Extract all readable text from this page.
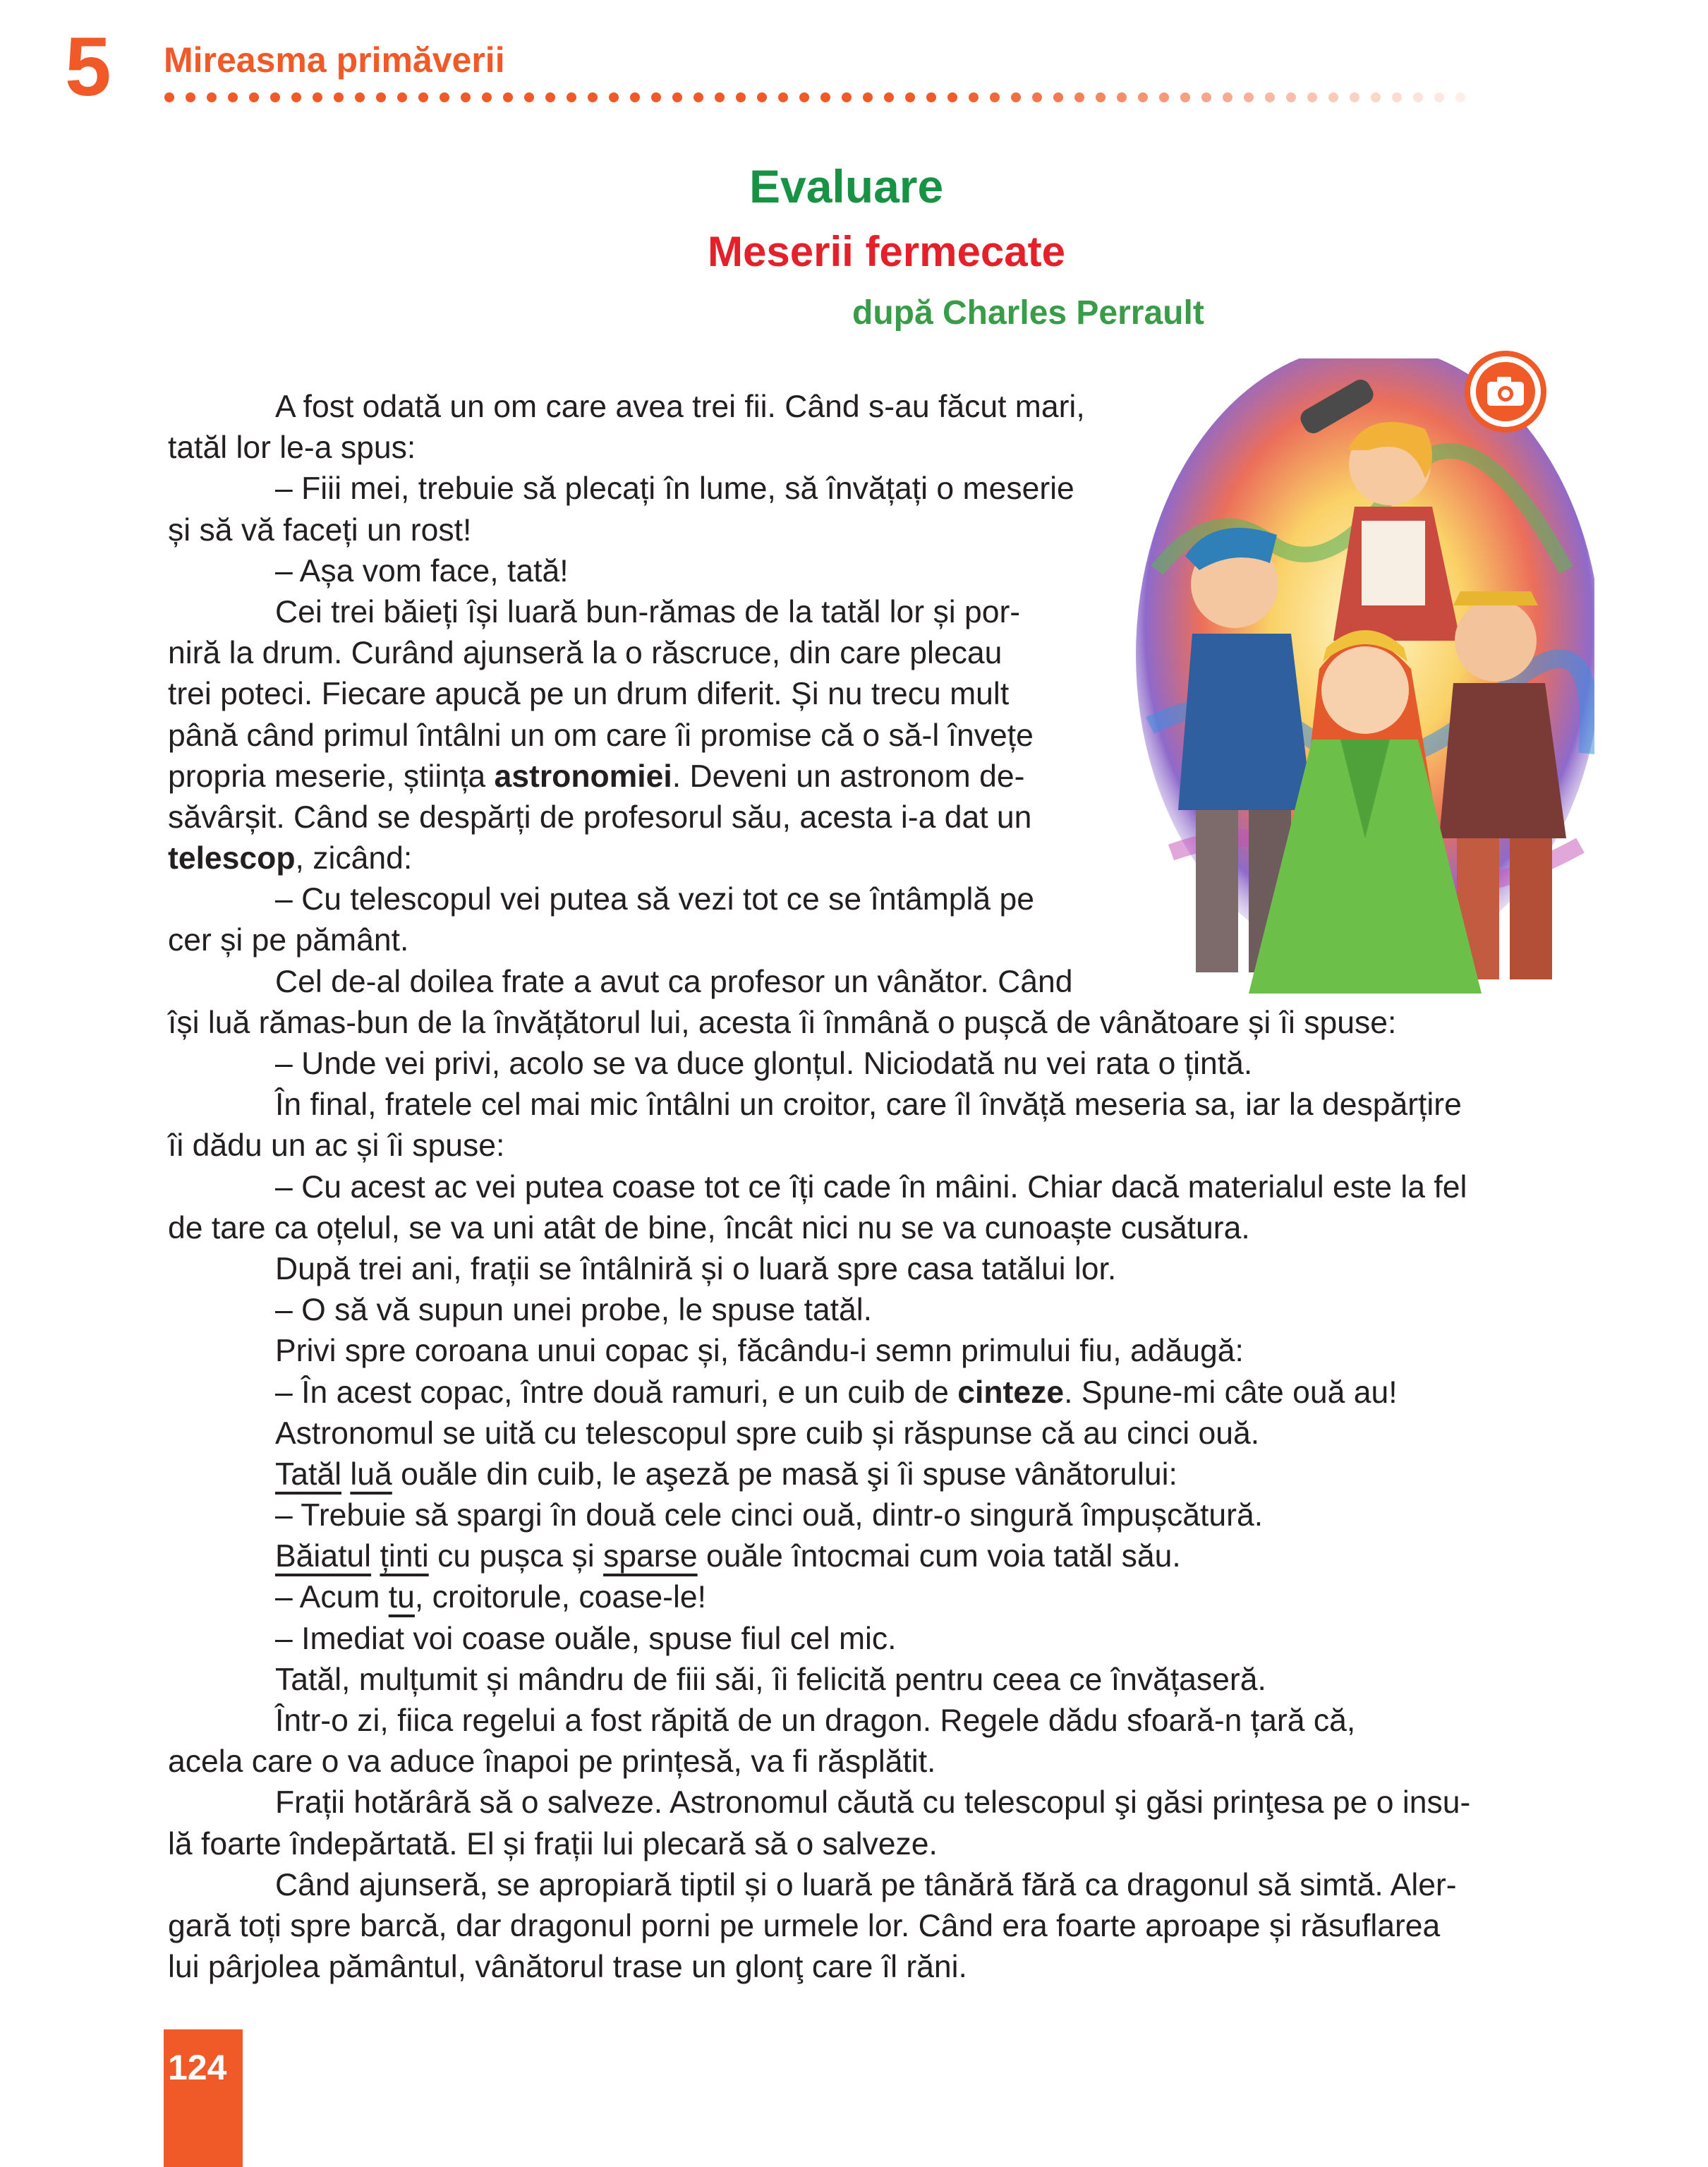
5 Mireasma primăverii
Evaluare
Meserii fermecate
după Charles Perrault
A fost odată un om care avea trei fii. Când s-au făcut mari,
tatăl lor le-a spus:
– Fiii mei, trebuie să plecați în lume, să învățați o meserie
și să vă faceți un rost!
– Așa vom face, tată!
Cei trei băieți își luară bun-rămas de la tatăl lor și por-
niră la drum. Curând ajunseră la o răscruce, din care plecau
trei poteci. Fiecare apucă pe un drum diferit. Și nu trecu mult
până când primul întâlni un om care îi promise că o să-l învețe
propria meserie, știința astronomiei. Deveni un astronom de-
săvârșit. Când se despărți de profesorul său, acesta i-a dat un
telescop, zicând:
– Cu telescopul vei putea să vezi tot ce se întâmplă pe
cer și pe pământ.
Cel de-al doilea frate a avut ca profesor un vânător. Când
își luă rămas-bun de la învățătorul lui, acesta îi înmână o pușcă de vânătoare și îi spuse:
– Unde vei privi, acolo se va duce glonțul. Niciodată nu vei rata o țintă.
În final, fratele cel mai mic întâlni un croitor, care îl învăță meseria sa, iar la despărțire
îi dădu un ac și îi spuse:
– Cu acest ac vei putea coase tot ce îți cade în mâini. Chiar dacă materialul este la fel
de tare ca oțelul, se va uni atât de bine, încât nici nu se va cunoaște cusătura.
După trei ani, frații se întâlniră și o luară spre casa tatălui lor.
– O să vă supun unei probe, le spuse tatăl.
Privi spre coroana unui copac și, făcându-i semn primului fiu, adăugă:
– În acest copac, între două ramuri, e un cuib de cinteze. Spune-mi câte ouă au!
Astronomul se uită cu telescopul spre cuib și răspunse că au cinci ouă.
Tatăl luă ouăle din cuib, le aşeză pe masă şi îi spuse vânătorului:
– Trebuie să spargi în două cele cinci ouă, dintr-o singură împușcătură.
Băiatul ținti cu pușca și sparse ouăle întocmai cum voia tatăl său.
– Acum tu, croitorule, coase-le!
– Imediat voi coase ouăle, spuse fiul cel mic.
Tatăl, mulțumit și mândru de fiii săi, îi felicită pentru ceea ce învățaseră.
Într-o zi, fiica regelui a fost răpită de un dragon. Regele dădu sfoară-n țară că,
acela care o va aduce înapoi pe prințesă, va fi răsplătit.
Frații hotărâră să o salveze. Astronomul căută cu telescopul şi găsi prinţesa pe o insu-
lă foarte îndepărtată. El și frații lui plecară să o salveze.
Când ajunseră, se apropiară tiptil și o luară pe tânără fără ca dragonul să simtă. Aler-
gară toți spre barcă, dar dragonul porni pe urmele lor. Când era foarte aproape și răsuflarea
lui pârjolea pământul, vânătorul trase un glonţ care îl răni.
124
